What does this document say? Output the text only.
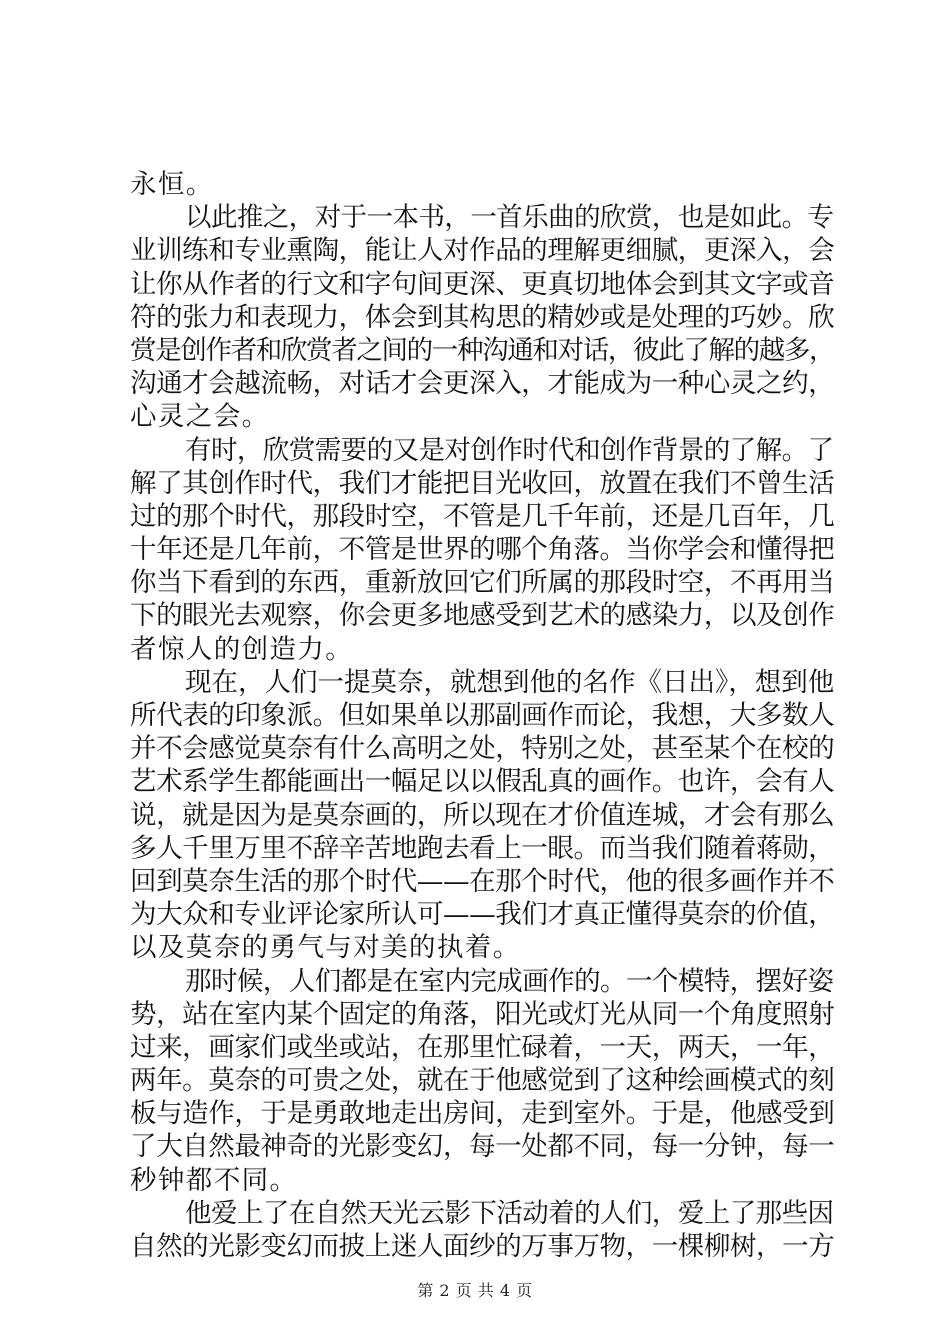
永恒。
以此推之，对于一本书，一首乐曲的欣赏，也是如此。专
业训练和专业熏陶，能让人对作品的理解更细腻，更深入，会
让你从作者的行文和字句间更深、更真切地体会到其文字或音
符的张力和表现力，体会到其构思的精妙或是处理的巧妙。欣
赏是创作者和欣赏者之间的一种沟通和对话，彼此了解的越多，
沟通才会越流畅，对话才会更深入，才能成为一种心灵之约，
心灵之会。
有时，欣赏需要的又是对创作时代和创作背景的了解。了
解了其创作时代，我们才能把目光收回，放置在我们不曾生活
过的那个时代，那段时空，不管是几千年前，还是几百年，几
十年还是几年前，不管是世界的哪个角落。当你学会和懂得把
你当下看到的东西，重新放回它们所属的那段时空，不再用当
下的眼光去观察，你会更多地感受到艺术的感染力，以及创作
者惊人的创造力。
现在，人们一提莫奈，就想到他的名作《日出》，想到他
所代表的印象派。但如果单以那副画作而论，我想，大多数人
并不会感觉莫奈有什么高明之处，特别之处，甚至某个在校的
艺术系学生都能画出一幅足以以假乱真的画作。也许，会有人
说，就是因为是莫奈画的，所以现在才价值连城，才会有那么
多人千里万里不辞辛苦地跑去看上一眼。而当我们随着蒋勋，
回到莫奈生活的那个时代——在那个时代，他的很多画作并不
为大众和专业评论家所认可——我们才真正懂得莫奈的价值，
以及莫奈的勇气与对美的执着。
那时候，人们都是在室内完成画作的。一个模特，摆好姿
势，站在室内某个固定的角落，阳光或灯光从同一个角度照射
过来，画家们或坐或站，在那里忙碌着，一天，两天，一年，
两年。莫奈的可贵之处，就在于他感觉到了这种绘画模式的刻
板与造作，于是勇敢地走出房间，走到室外。于是，他感受到
了大自然最神奇的光影变幻，每一处都不同，每一分钟，每一
秒钟都不同。
他爱上了在自然天光云影下活动着的人们，爱上了那些因
自然的光影变幻而披上迷人面纱的万事万物，一棵柳树，一方
第 2 页 共 4 页
